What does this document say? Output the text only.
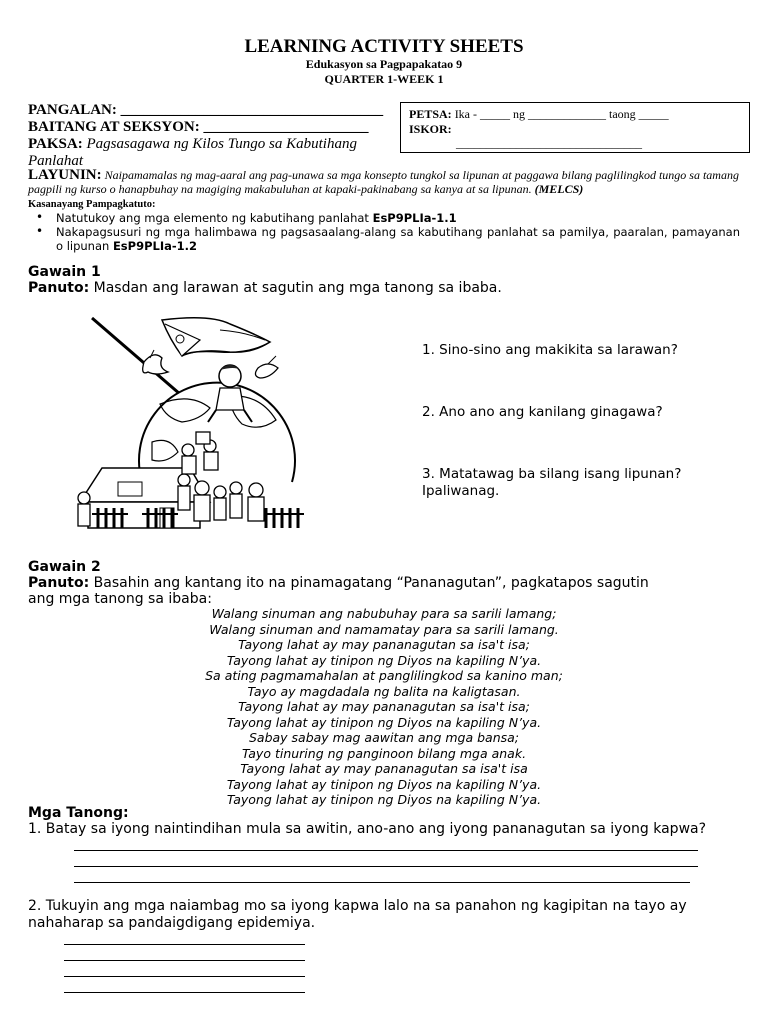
LEARNING ACTIVITY SHEETS
Edukasyon sa Pagpapakatao 9
QUARTER 1-WEEK 1
PANGALAN: ___________________________________
BAITANG AT SEKSYON: ______________________
PAKSA: Pagsasagawa ng Kilos Tungo sa Kabutihang
Panlahat
PETSA: Ika - _____ ng _____________ taong _____
ISKOR:
_______________________________
LAYUNIN: Naipamamalas ng mag-aaral ang pag-unawa sa mga konsepto tungkol sa lipunan at paggawa bilang paglilingkod tungo sa tamang pagpili ng kurso o hanapbuhay na magiging makabuluhan at kapaki-pakinabang sa kanya at sa lipunan. (MELCS)
Kasanayang Pampagkatuto:
• Natutukoy ang mga elemento ng kabutihang panlahat EsP9PLIa-1.1
• Nakapagsusuri ng mga halimbawa ng pagsasaalang-alang sa kabutihang panlahat sa pamilya, paaralan, pamayanan o lipunan EsP9PLIa-1.2
Gawain 1
Panuto: Masdan ang larawan at sagutin ang mga tanong sa ibaba.
1. Sino-sino ang makikita sa larawan?
2. Ano ano ang kanilang ginagawa?
3. Matatawag ba silang isang lipunan? Ipaliwanag.
Gawain 2
Panuto: Basahin ang kantang ito na pinamagatang “Pananagutan”, pagkatapos sagutin ang mga tanong sa ibaba:
Walang sinuman ang nabubuhay para sa sarili lamang;
Walang sinuman and namamatay para sa sarili lamang.
Tayong lahat ay may pananagutan sa isa't isa;
Tayong lahat ay tinipon ng Diyos na kapiling N’ya.
Sa ating pagmamahalan at panglilingkod sa kanino man;
Tayo ay magdadala ng balita na kaligtasan.
Tayong lahat ay may pananagutan sa isa't isa;
Tayong lahat ay tinipon ng Diyos na kapiling N’ya.
Sabay sabay mag aawitan ang mga bansa;
Tayo tinuring ng panginoon bilang mga anak.
Tayong lahat ay may pananagutan sa isa't isa
Tayong lahat ay tinipon ng Diyos na kapiling N’ya.
Tayong lahat ay tinipon ng Diyos na kapiling N’ya.
Mga Tanong:
1. Batay sa iyong naintindihan mula sa awitin, ano-ano ang iyong pananagutan sa iyong kapwa?
2. Tukuyin ang mga naiambag mo sa iyong kapwa lalo na sa panahon ng kagipitan na tayo ay nahaharap sa pandaigdigang epidemiya.
